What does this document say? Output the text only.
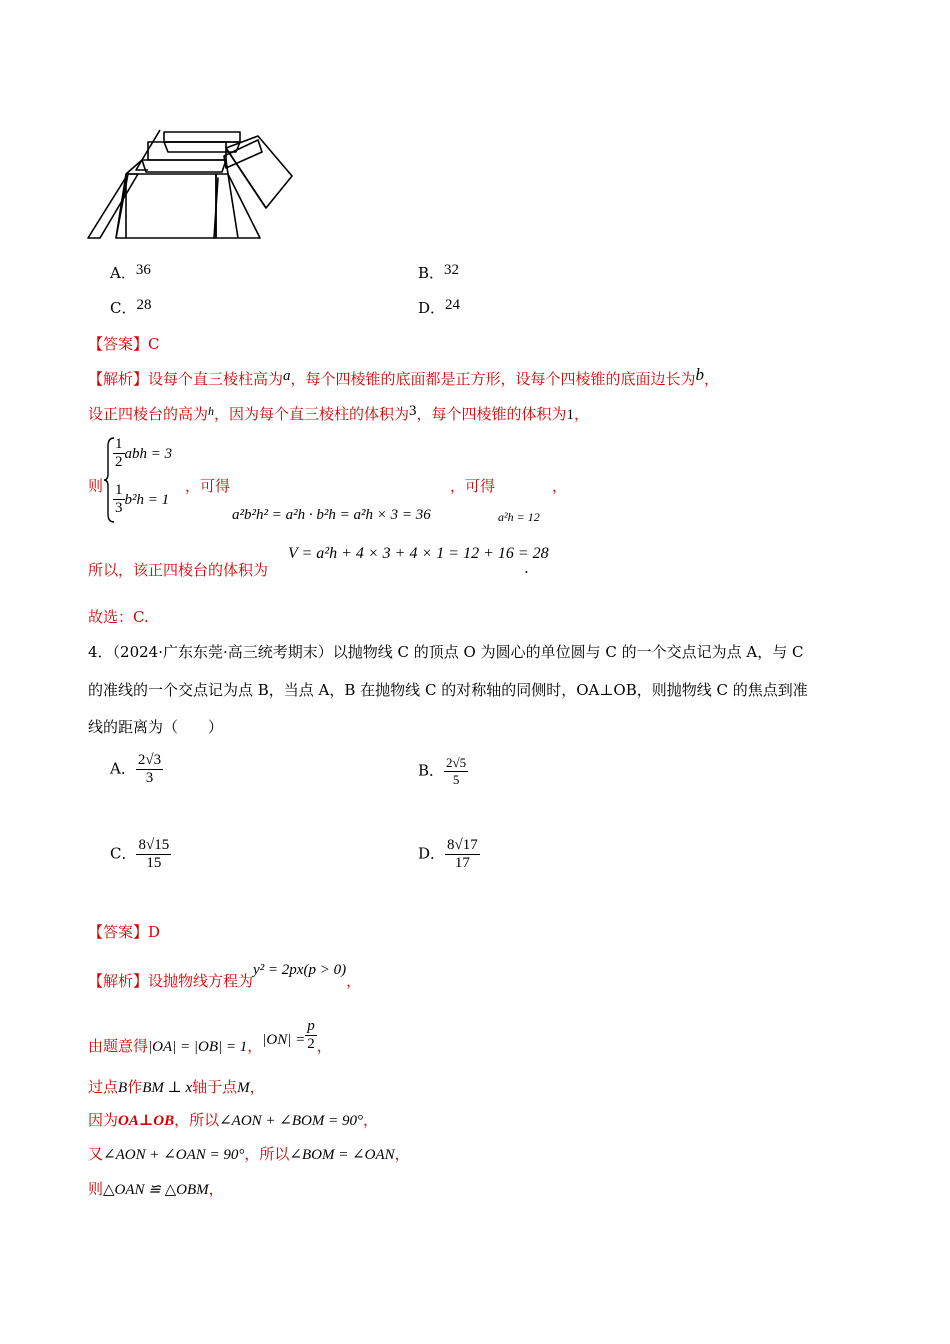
A．36	B．32
C．28	D．24
【答案】C
【解析】设每个直三棱柱高为a，每个四棱锥的底面都是正方形，设每个四棱锥的底面边长为b，
设正四棱台的高为$^h$，因为每个直三棱柱的体积为3，每个四棱锥的体积为1，
则
$\frac{1}{2}$ abh = 3
$\frac{1}{3} b^2h = 1$
，可得	，可得	，
a²b²h² = a²h · b²h = a²h × 3 = 36	a²h = 12
所以，该正四棱台的体积为
V = a²h + 4 × 3 + 4 × 1 = 12 + 16 = 28
.
故选：C.
4．（2024·广东东莞·高三统考期末）以抛物线 C 的顶点 O 为圆心的单位圆与 C 的一个交点记为点 A，与 C
的准线的一个交点记为点 B，当点 A，B 在抛物线 C 的对称轴的同侧时，OA⊥OB，则抛物线 C 的焦点到准
线的距离为（　　）
A． $\frac{2√3}{3}$	B． $\frac{2√5}{5}$
C． $\frac{8√15}{15}$	D． $\frac{8√17}{17}$
【答案】D
【解析】设抛物线方程为y² = 2px(p > 0)，
由题意得|OA| = |OB| = 1，$|ON| = \frac{p}{2}$ ，
过点B作BM ⊥ x轴于点M，
因为OA⊥OB，所以∠AON + ∠BOM = 90°，
又∠AON + ∠OAN = 90°，所以∠BOM = ∠OAN，
则△OAN ≌ △OBM，
